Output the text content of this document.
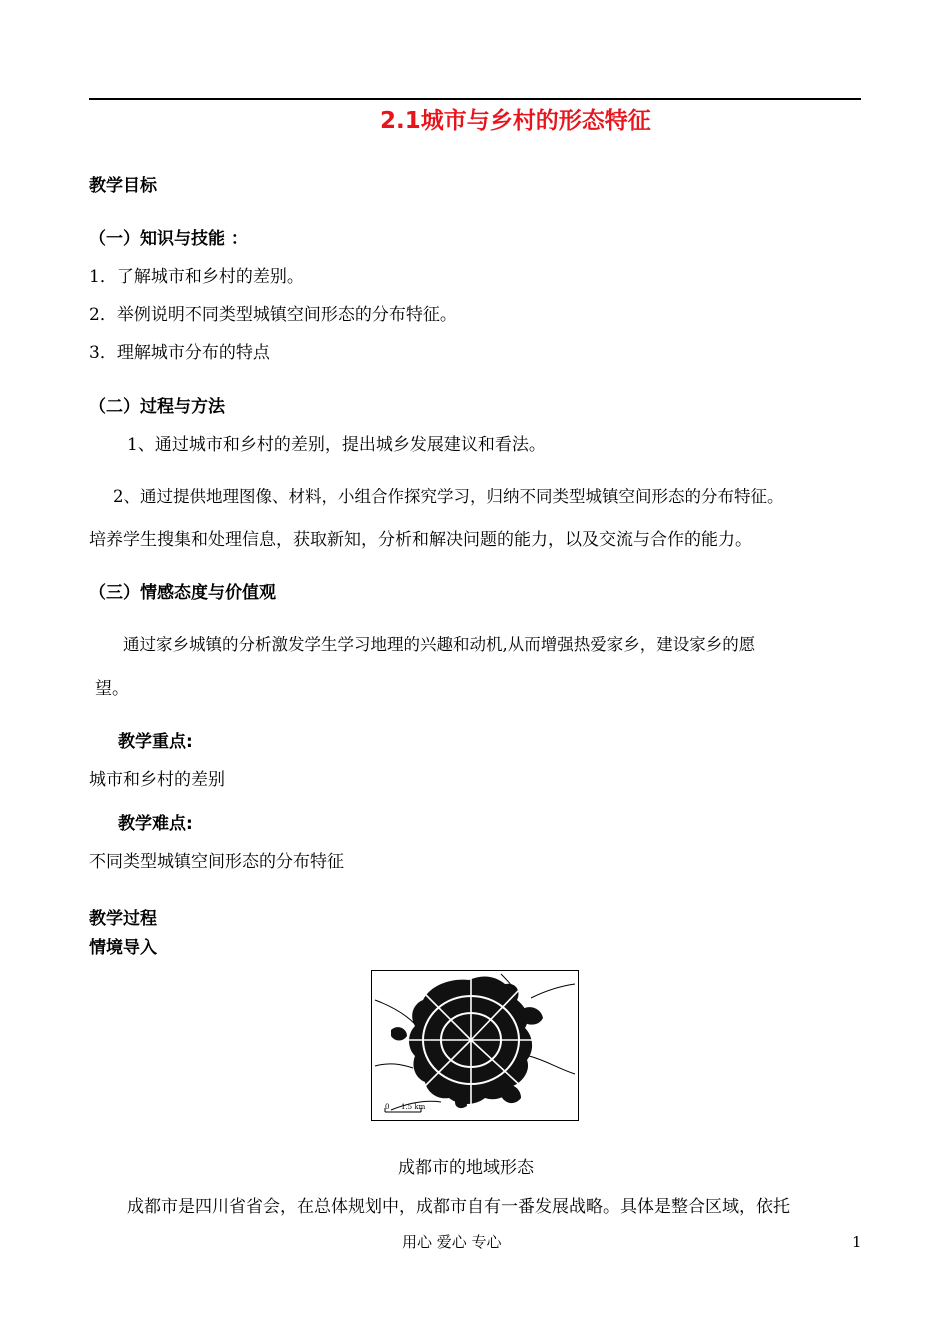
2.1城市与乡村的形态特征
教学目标
（一）知识与技能 ：
1．了解城市和乡村的差别。
2．举例说明不同类型城镇空间形态的分布特征。
3．理解城市分布的特点
（二）过程与方法
1、通过城市和乡村的差别，提出城乡发展建议和看法。
2、通过提供地理图像、材料，小组合作探究学习，归纳不同类型城镇空间形态的分布特征。
培养学生搜集和处理信息，获取新知，分析和解决问题的能力，以及交流与合作的能力。
（三）情感态度与价值观
通过家乡城镇的分析激发学生学习地理的兴趣和动机,从而增强热爱家乡，建设家乡的愿
望。
教学重点:
城市和乡村的差别
教学难点:
不同类型城镇空间形态的分布特征
教学过程
情境导入
0 1.5 km
成都市的地域形态
成都市是四川省省会，在总体规划中，成都市自有一番发展战略。具体是整合区域，依托
用心 爱心 专心	1
